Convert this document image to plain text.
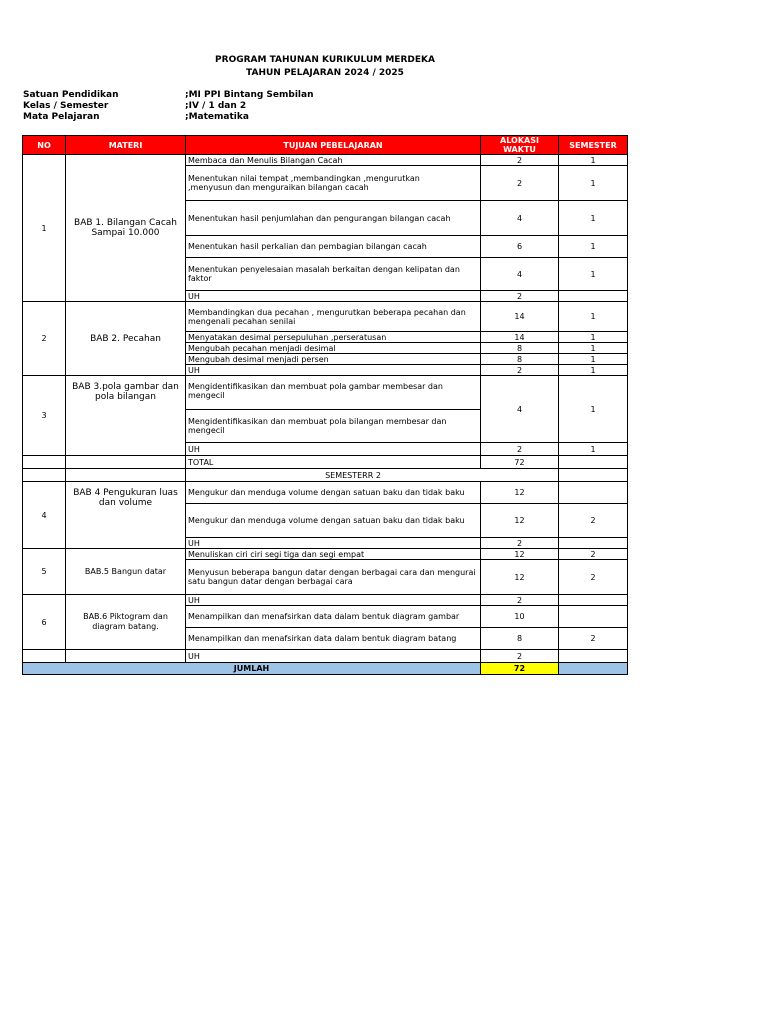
PROGRAM TAHUNAN KURIKULUM MERDEKA
TAHUN PELAJARAN 2024 / 2025
Satuan Pendidikan	;MI PPI Bintang Sembilan
Kelas / Semester	;IV / 1 dan 2
Mata Pelajaran	;Matematika
NO	MATERI	TUJUAN PEBELAJARAN	ALOKASI WAKTU	SEMESTER
1	BAB 1. Bilangan Cacah Sampai 10.000	Membaca dan Menulis Bilangan Cacah	2	1

		Menentukan nilai tempat ,membandingkan ,mengurutkan ,menyusun dan menguraikan bilangan cacah	2	1
		Menentukan hasil penjumlahan dan pengurangan bilangan cacah	4	1
		Menentukan hasil perkalian dan pembagian bilangan cacah	6	1
		Menentukan penyelesaian masalah berkaitan dengan kelipatan dan faktor	4	1
		UH	2	
2	BAB 2. Pecahan	Membandingkan dua pecahan , mengurutkan beberapa pecahan dan mengenali pecahan senilai	14	1
		Menyatakan desimal persepuluhan ,perseratusan	14	1
		Mengubah pecahan menjadi desimal	8	1
		Mengubah desimal menjadi persen	8	1
		UH	2	1
3	BAB 3.pola gambar dan pola bilangan	Mengidentifikasikan dan membuat pola gambar membesar dan mengecil	4	1
		Mengidentifikasikan dan membuat pola bilangan membesar dan mengecil		
		UH	2	1
		TOTAL	72	
		SEMESTERR 2		
4	BAB 4 Pengukuran luas dan volume	Mengukur dan menduga volume dengan satuan baku dan tidak baku	12	
		Mengukur dan menduga volume dengan satuan baku dan tidak baku	12	2
		UH	2	
5	BAB.5 Bangun datar	Menuliskan ciri ciri segi tiga dan segi empat	12	2
		Menyusun beberapa bangun datar dengan berbagai cara dan mengurai satu bangun datar dengan berbagai cara	12	2
6	BAB.6 Piktogram dan diagram batang.	UH	2	
		Menampilkan dan menafsirkan data dalam bentuk diagram gambar	10	
		Menampilkan dan menafsirkan data dalam bentuk diagram batang	8	2
		UH	2	
JUMLAH			72	
